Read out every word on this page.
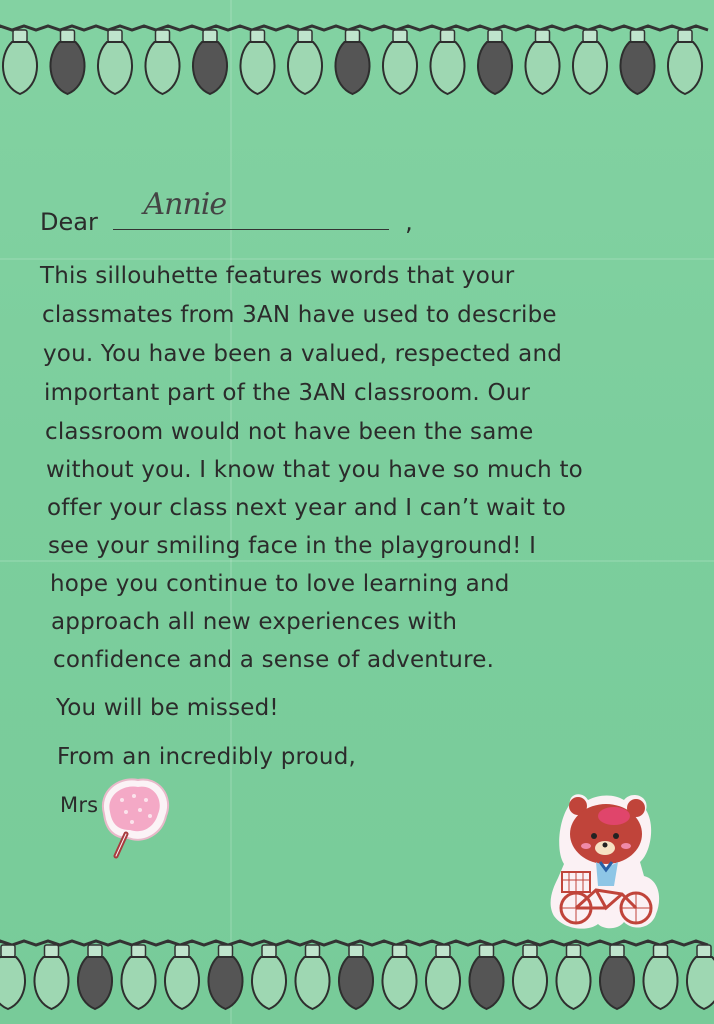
Dear Annie	,
This sillouhette features words that your
classmates from 3AN have used to describe
you. You have been a valued, respected and
important part of the 3AN classroom. Our
classroom would not have been the same
without you. I know that you have so much to
offer your class next year and I can’t wait to
see your smiling face in the playground! I
hope you continue to love learning and
approach all new experiences with
confidence and a sense of adventure.
You will be missed!
From an incredibly proud,
Mrs
